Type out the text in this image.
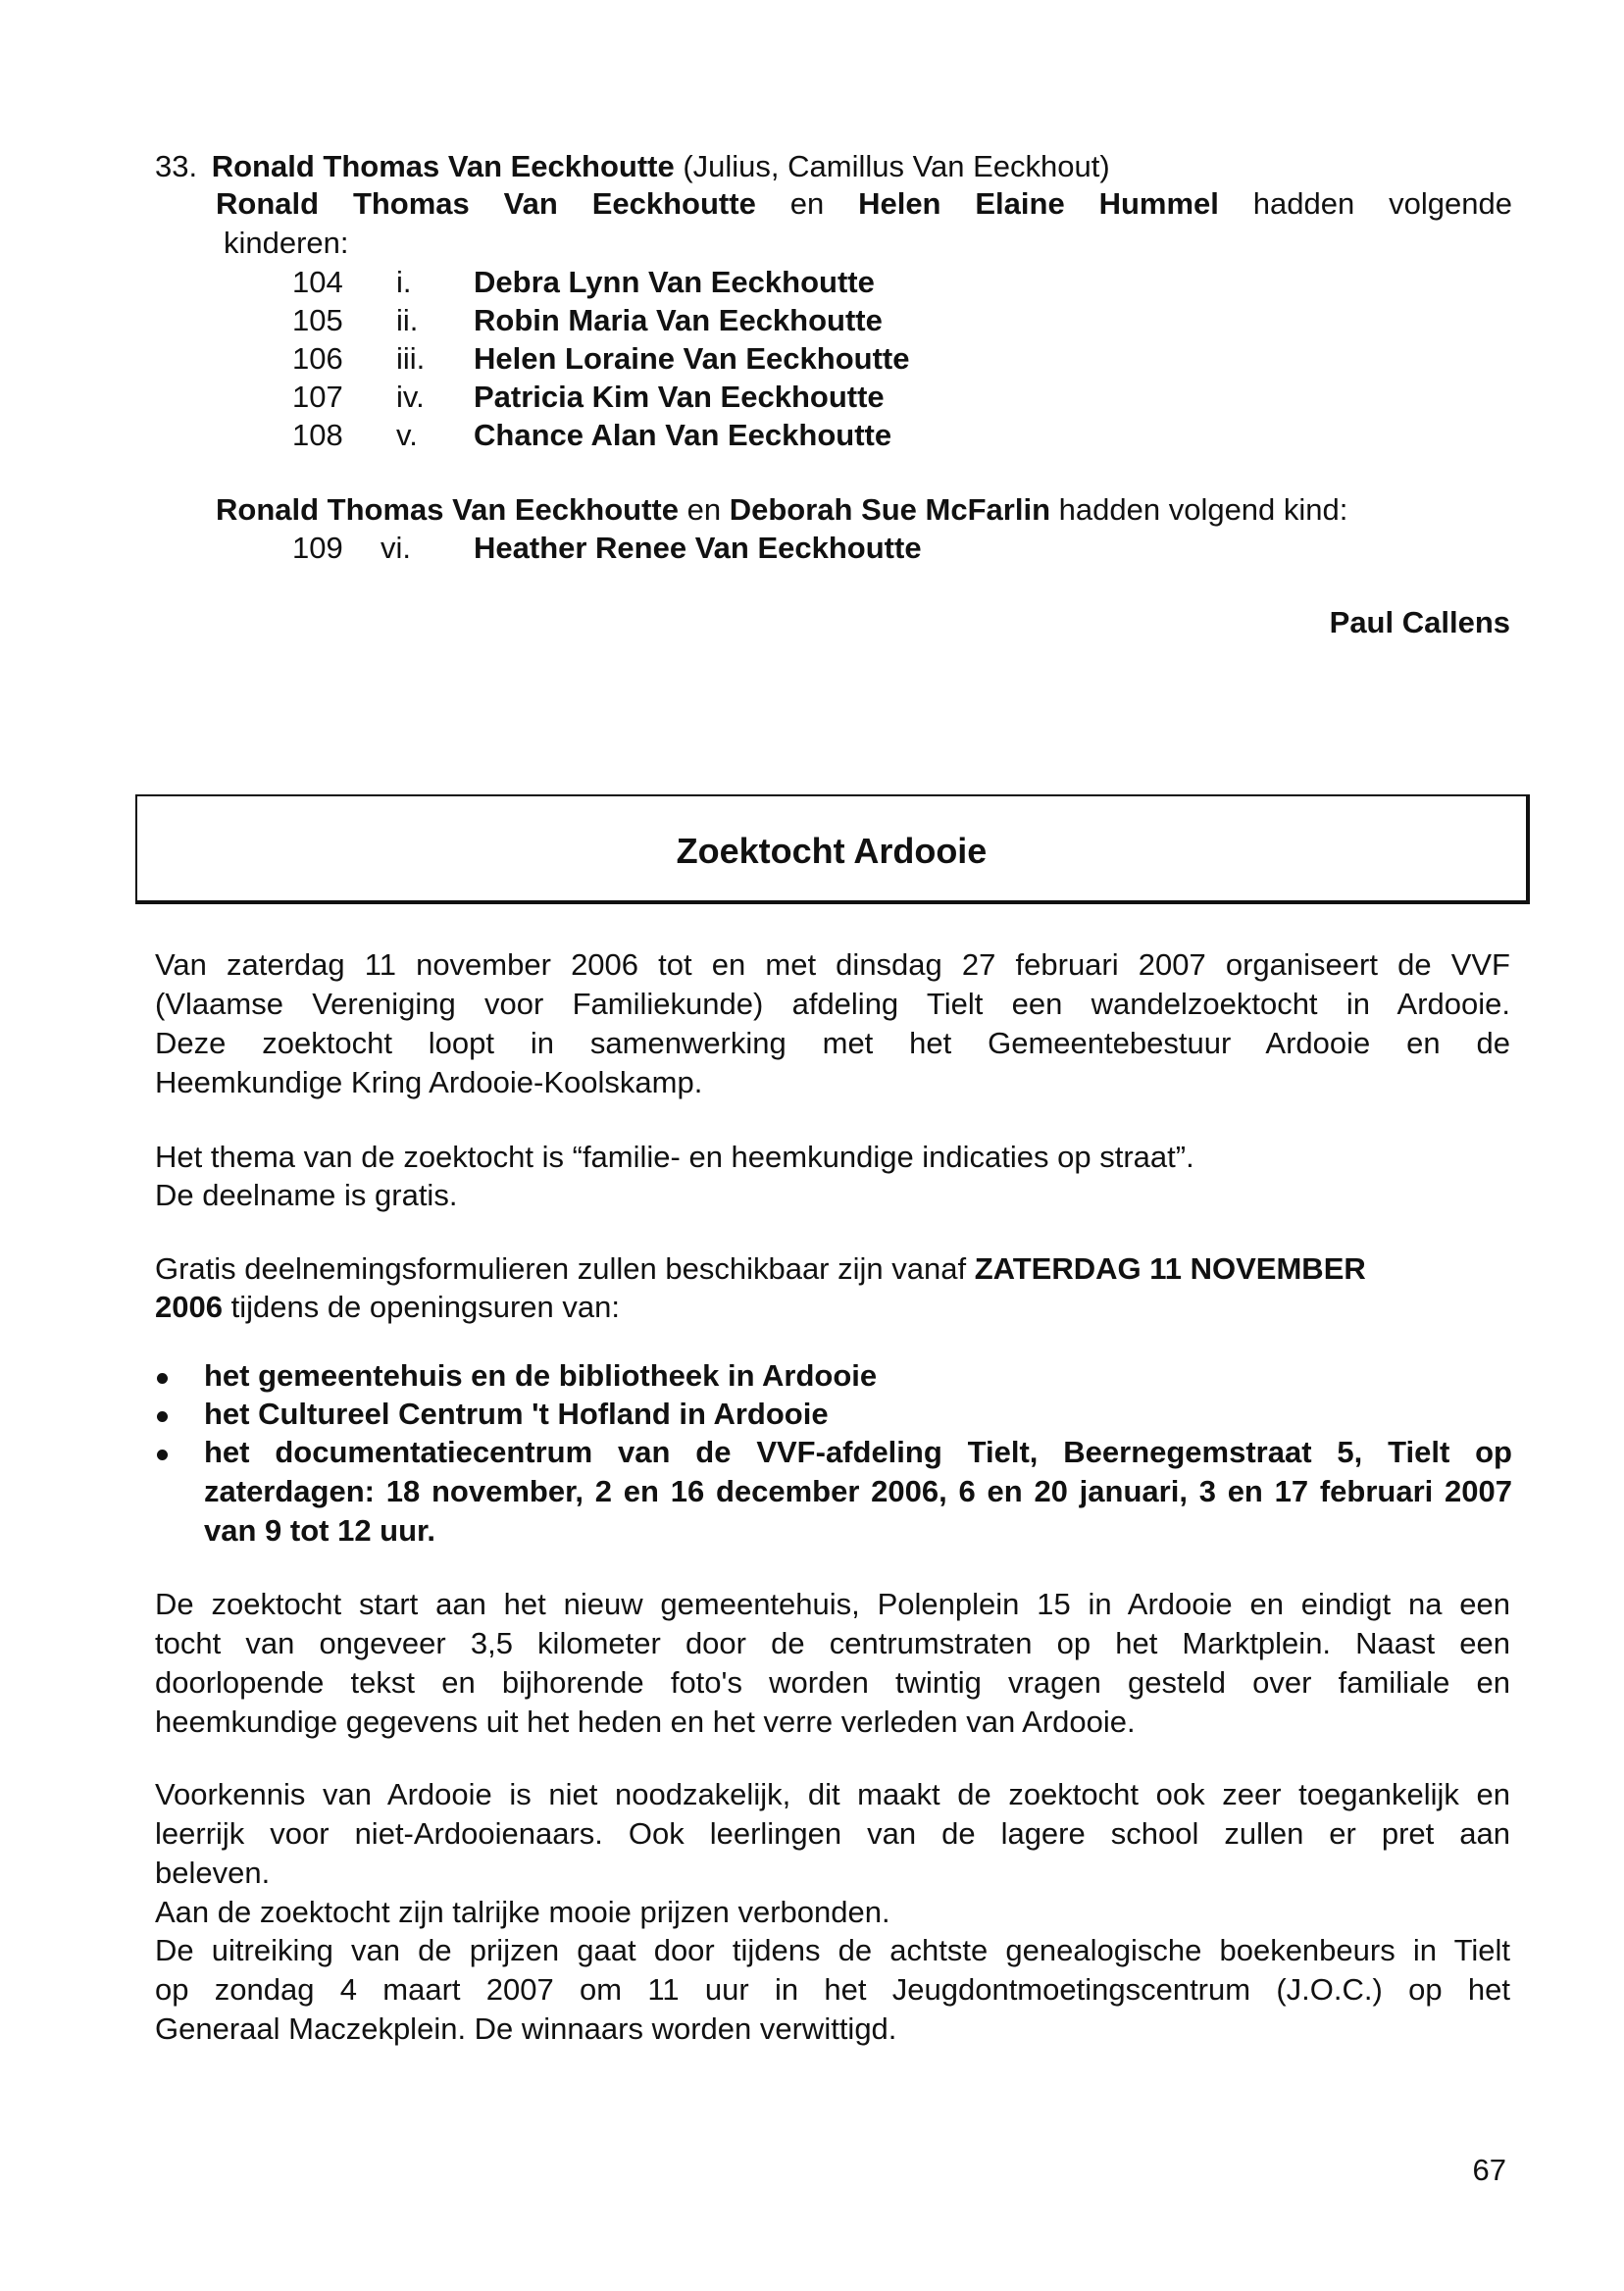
33. Ronald Thomas Van Eeckhoutte (Julius, Camillus Van Eeckhout)
Ronald Thomas Van Eeckhoutte en Helen Elaine Hummel hadden volgende
kinderen:
104	i.	Debra Lynn Van Eeckhoutte
105	ii.	Robin Maria Van Eeckhoutte
106	iii.	Helen Loraine Van Eeckhoutte
107	iv.	Patricia Kim Van Eeckhoutte
108	v.	Chance Alan Van Eeckhoutte
Ronald Thomas Van Eeckhoutte en Deborah Sue McFarlin hadden volgend kind:
109	vi.	Heather Renee Van Eeckhoutte
Paul Callens
Zoektocht Ardooie
Van zaterdag 11 november 2006 tot en met dinsdag 27 februari 2007 organiseert de VVF
(Vlaamse Vereniging voor Familiekunde) afdeling Tielt een wandelzoektocht in Ardooie.
Deze zoektocht loopt in samenwerking met het Gemeentebestuur Ardooie en de
Heemkundige Kring Ardooie-Koolskamp.
Het thema van de zoektocht is “familie- en heemkundige indicaties op straat”.
De deelname is gratis.
Gratis deelnemingsformulieren zullen beschikbaar zijn vanaf ZATERDAG 11 NOVEMBER
2006 tijdens de openingsuren van:
het gemeentehuis en de bibliotheek in Ardooie
het Cultureel Centrum 't Hofland in Ardooie
het documentatiecentrum van de VVF-afdeling Tielt, Beernegemstraat 5, Tielt op zaterdagen: 18 november, 2 en 16 december 2006, 6 en 20 januari, 3 en 17 februari 2007 van 9 tot 12 uur.
De zoektocht start aan het nieuw gemeentehuis, Polenplein 15 in Ardooie en eindigt na een
tocht van ongeveer 3,5 kilometer door de centrumstraten op het Marktplein. Naast een
doorlopende tekst en bijhorende foto's worden twintig vragen gesteld over familiale en
heemkundige gegevens uit het heden en het verre verleden van Ardooie.
Voorkennis van Ardooie is niet noodzakelijk, dit maakt de zoektocht ook zeer toegankelijk en
leerrijk voor niet-Ardooienaars. Ook leerlingen van de lagere school zullen er pret aan
beleven.
Aan de zoektocht zijn talrijke mooie prijzen verbonden.
De uitreiking van de prijzen gaat door tijdens de achtste genealogische boekenbeurs in Tielt
op zondag 4 maart 2007 om 11 uur in het Jeugdontmoetingscentrum (J.O.C.) op het
Generaal Maczekplein. De winnaars worden verwittigd.
67
